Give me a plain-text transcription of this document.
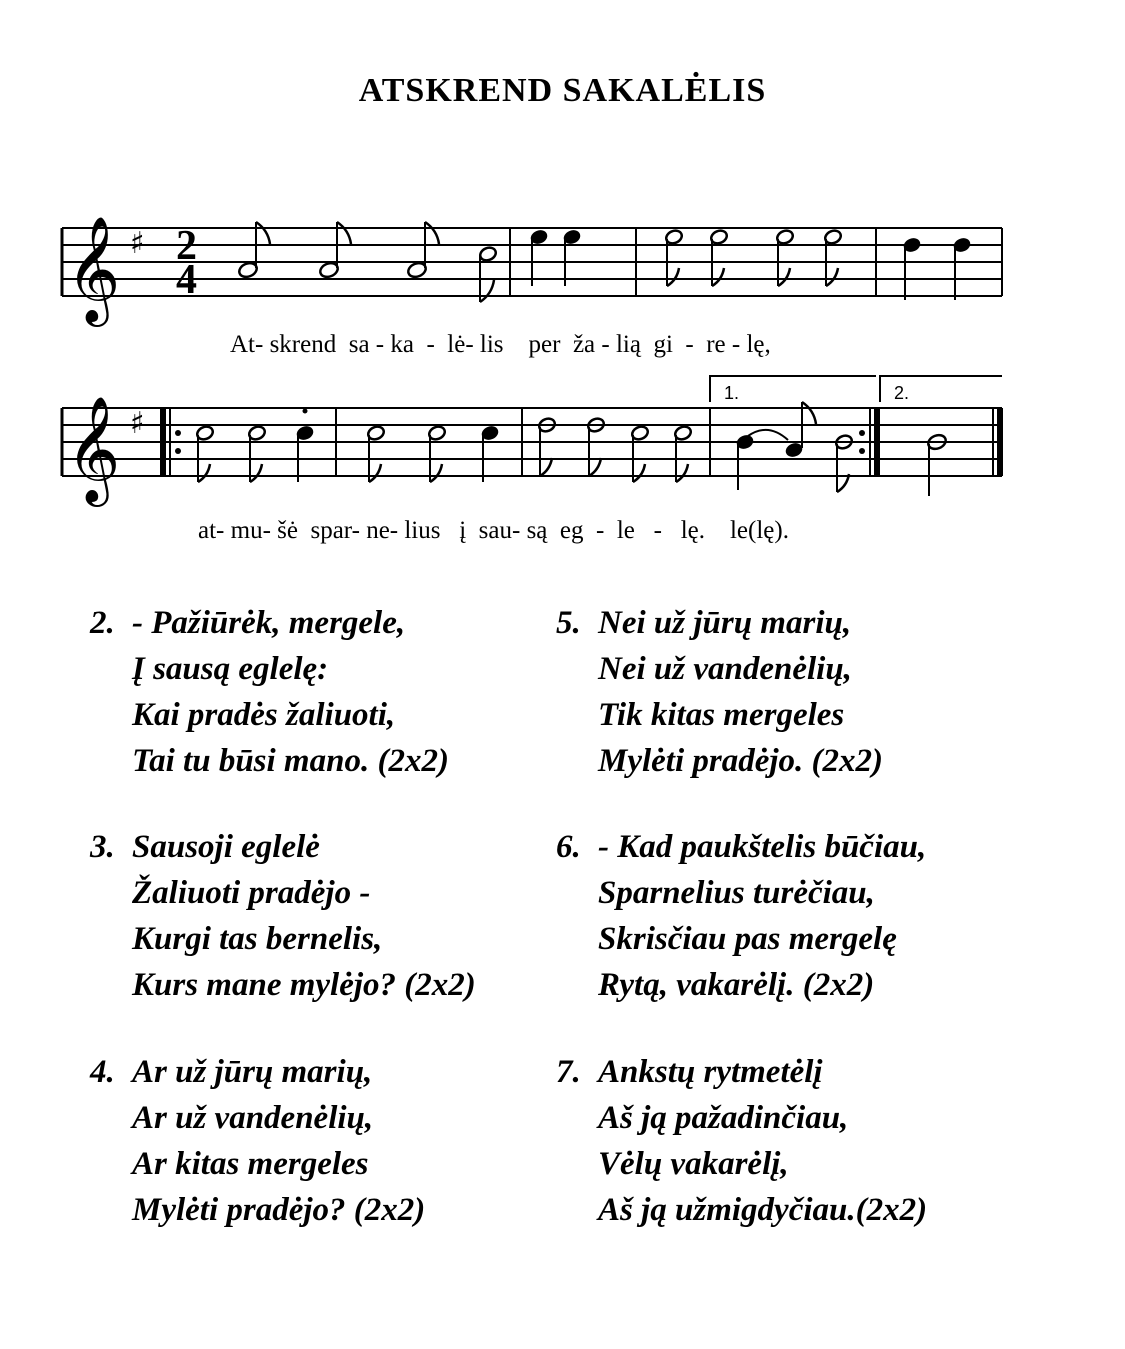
ATSKREND SAKALĖLIS
𝄞 ♯ 2
4
1.	2.
𝄞 ♯
At- skrend  sa - ka  -  lė- lis    per  ža - lią  gi  -  re - lę,
at- mu- šė  spar- ne- lius   į  sau- są  eg  -  le   -   lę.    le(lę).
2. - Pažiūrėk, mergele,
Į sausą eglelę:
Kai pradės žaliuoti,
Tai tu būsi mano. (2x2)
3. Sausoji eglelė
Žaliuoti pradėjo -
Kurgi tas bernelis,
Kurs mane mylėjo? (2x2)
4. Ar už jūrų marių,
Ar už vandenėlių,
Ar kitas mergeles
Mylėti pradėjo? (2x2)
5. Nei už jūrų marių,
Nei už vandenėlių,
Tik kitas mergeles
Mylėti pradėjo. (2x2)
6. - Kad paukštelis būčiau,
Sparnelius turėčiau,
Skrisčiau pas mergelę
Rytą, vakarėlį. (2x2)
7. Ankstų rytmetėlį
Aš ją pažadinčiau,
Vėlų vakarėlį,
Aš ją užmigdyčiau.(2x2)
